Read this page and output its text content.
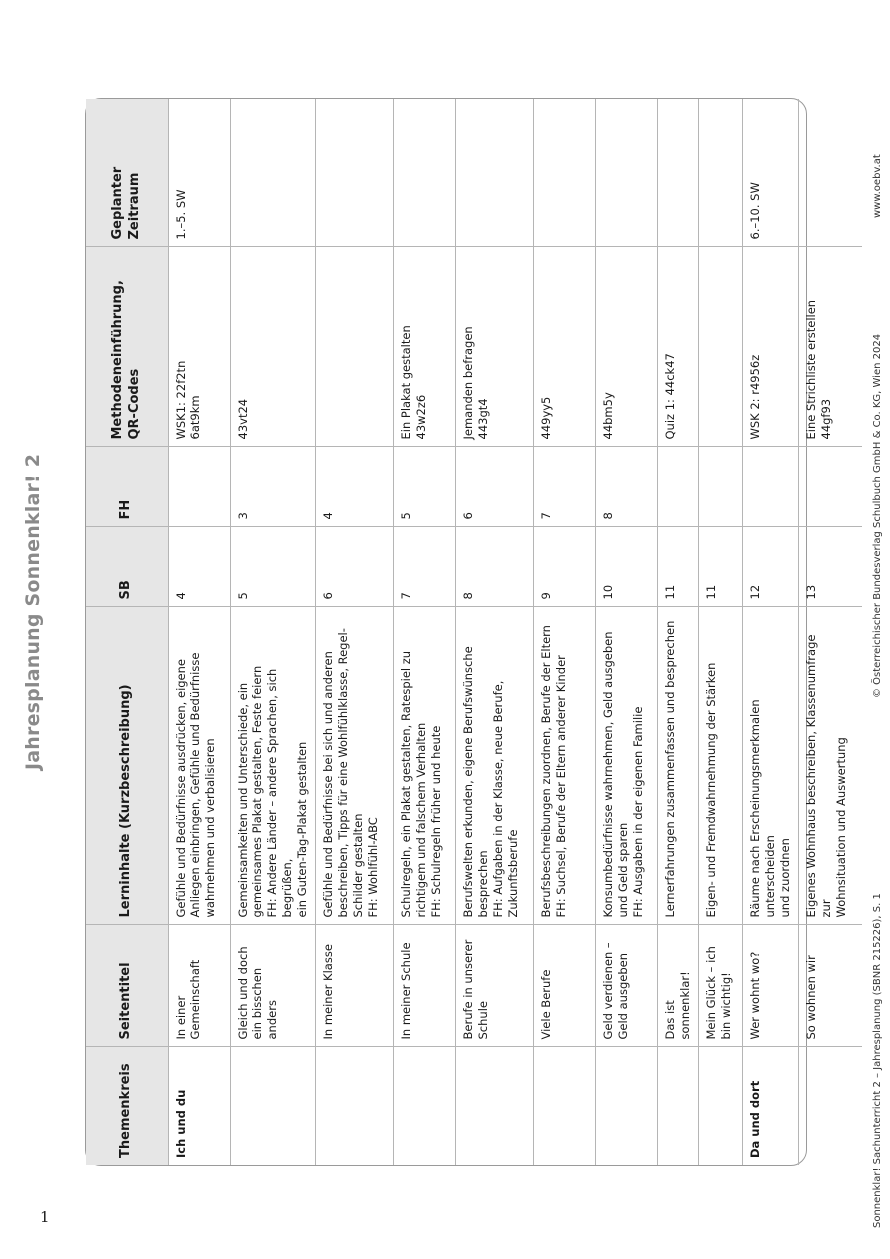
1
Jahresplanung Sonnenklar! 2
Sonnenklar! Sachunterricht 2 – Jahresplanung (SBNR 215226), S. 1
© Österreichischer Bundesverlag Schulbuch GmbH & Co. KG, Wien 2024
www.oebv.at
Themenkreis	Seitentitel	Lerninhalte (Kurzbeschreibung)	SB	FH	Methodeneinführung, QR-Codes	Geplanter Zeitraum

Ich und du	In einer Gemeinschaft	Gefühle und Bedürfnisse ausdrücken, eigene Anliegen einbringen, Gefühle und Bedürfnisse wahrnehmen und verbalisieren	4		WSK1: 22f2tn 6at9km	1.–5. SW
	Gleich und doch ein bisschen anders	Gemeinsamkeiten und Unterschiede, ein gemeinsames Plakat gestalten, Feste feiern FH: Andere Länder – andere Sprachen, sich begrüßen, ein Guten-Tag-Plakat gestalten	5	3	43vt24	

	In meiner Klasse	Gefühle und Bedürfnisse bei sich und anderen beschreiben, Tipps für eine Wohlfühlklasse, Regel- Schilder gestalten FH: Wohlfühl-ABC	6	4		
	In meiner Schule	Schulregeln, ein Plakat gestalten, Ratespiel zu richtigem und falschem Verhalten FH: Schulregeln früher und heute	7	5	Ein Plakat gestalten 43w2z6	

	Berufe in unserer Schule	Berufswelten erkunden, eigene Berufswünsche besprechen FH: Aufgaben in der Klasse, neue Berufe, Zukunftsberufe	8	6	Jemanden befragen 443gt4	

	Viele Berufe	Berufsbeschreibungen zuordnen, Berufe der Eltern FH: Suchsel, Berufe der Eltern anderer Kinder	9	7	449yy5	

	Geld verdienen – Geld ausgeben	Konsumbedürfnisse wahrnehmen, Geld ausgeben und Geld sparen FH: Ausgaben in der eigenen Familie	10	8	44bm5y	

	Das ist sonnenklar!	Lernerfahrungen zusammenfassen und besprechen	11		Quiz 1: 44ck47	

	Mein Glück – ich bin wichtig!	Eigen- und Fremdwahrnehmung der Stärken	11			
Da und dort	Wer wohnt wo?	Räume nach Erscheinungsmerkmalen unterscheiden und zuordnen	12		WSK 2: r4956z	6.–10. SW
	So wohnen wir	Eigenes Wohnhaus beschreiben, Klassenumfrage zur Wohnsituation und Auswertung	13		Eine Strichliste erstellen 44gf93	
